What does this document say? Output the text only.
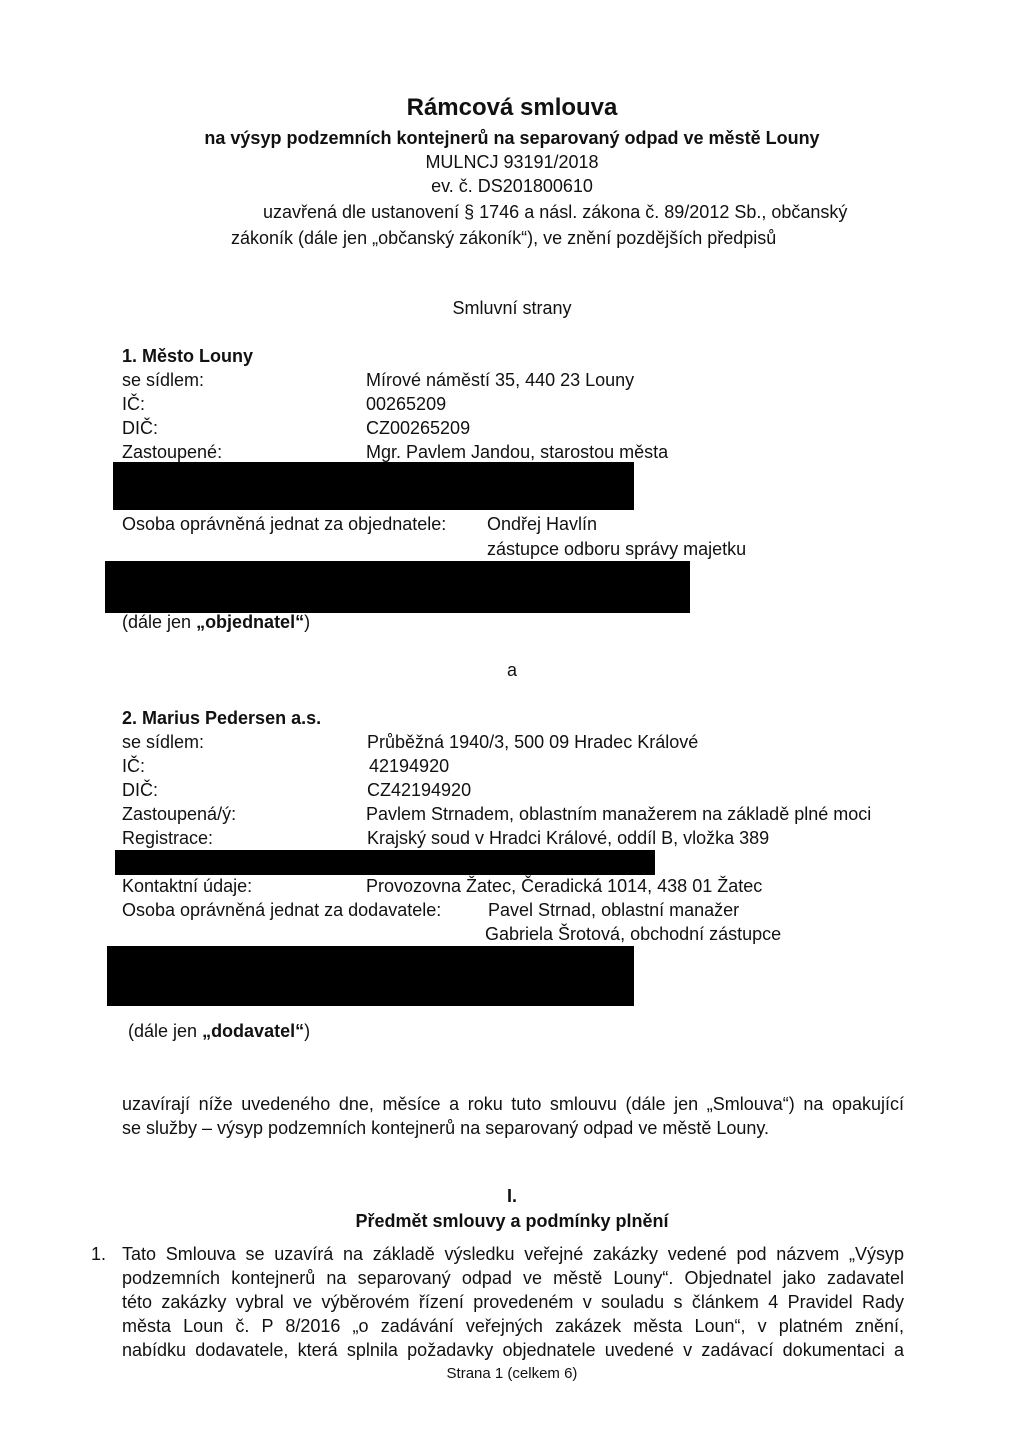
Rámcová smlouva
na výsyp podzemních kontejnerů na separovaný odpad ve městě Louny
MULNCJ 93191/2018
ev. č. DS201800610
uzavřená dle ustanovení § 1746 a násl. zákona č. 89/2012 Sb., občanský
zákoník (dále jen „občanský zákoník“), ve znění pozdějších předpisů
Smluvní strany
1. Město Louny
se sídlem:	Mírové náměstí 35, 440 23 Louny
IČ:	00265209
DIČ:	CZ00265209
Zastoupené:	Mgr. Pavlem Jandou, starostou města
Osoba oprávněná jednat za objednatele: Ondřej Havlín
zástupce odboru správy majetku
(dále jen „objednatel“)
a
2. Marius Pedersen a.s.
se sídlem:	Průběžná 1940/3, 500 09 Hradec Králové
IČ:	42194920
DIČ:	CZ42194920
Zastoupená/ý:	Pavlem Strnadem, oblastním manažerem na základě plné moci
Registrace:	Krajský soud v Hradci Králové, oddíl B, vložka 389
Kontaktní údaje:	Provozovna Žatec, Čeradická 1014, 438 01 Žatec
Osoba oprávněná jednat za dodavatele:	Pavel Strnad, oblastní manažer
Gabriela Šrotová, obchodní zástupce
(dále jen „dodavatel“)
uzavírají níže uvedeného dne, měsíce a roku tuto smlouvu (dále jen „Smlouva“) na opakující
se služby – výsyp podzemních kontejnerů na separovaný odpad ve městě Louny.
I.
Předmět smlouvy a podmínky plnění
1. Tato Smlouva se uzavírá na základě výsledku veřejné zakázky vedené pod názvem „Výsyp
podzemních kontejnerů na separovaný odpad ve městě Louny“. Objednatel jako zadavatel
této zakázky vybral ve výběrovém řízení provedeném v souladu s článkem 4 Pravidel Rady
města Loun č. P 8/2016 „o zadávání veřejných zakázek města Loun“, v platném znění,
nabídku dodavatele, která splnila požadavky objednatele uvedené v zadávací dokumentaci a
Strana 1 (celkem 6)
